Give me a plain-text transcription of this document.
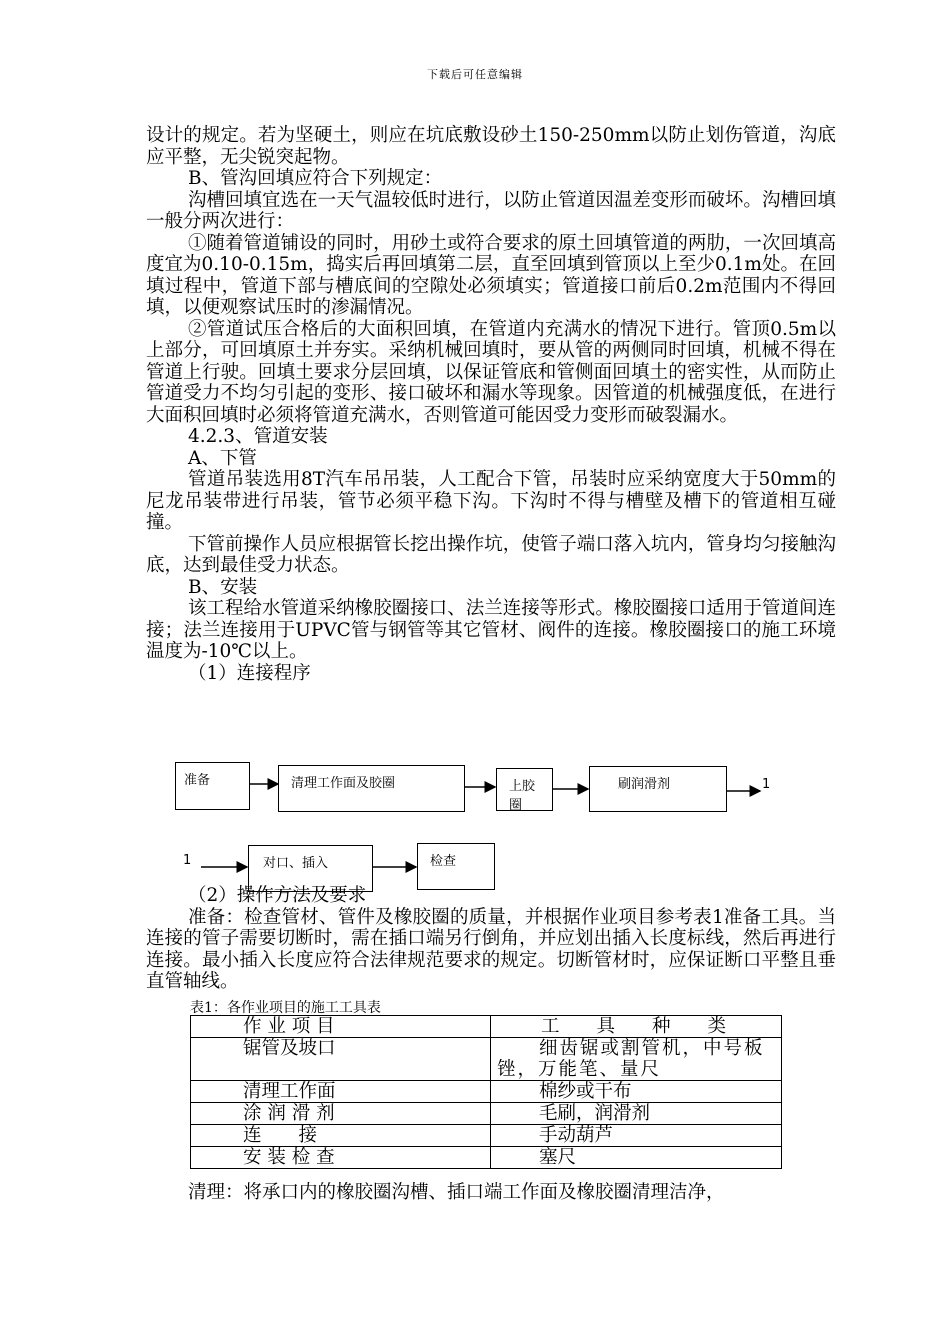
下载后可任意编辑

设计的规定。若为坚硬土，则应在坑底敷设砂土150-250mm以防止划伤管道，沟底应平整，无尖锐突起物。

B、管沟回填应符合下列规定：

沟槽回填宜选在一天气温较低时进行，以防止管道因温差变形而破坏。沟槽回填一般分两次进行：

①随着管道铺设的同时，用砂土或符合要求的原土回填管道的两肋，一次回填高度宜为0.10-0.15m，捣实后再回填第二层，直至回填到管顶以上至少0.1m处。在回填过程中，管道下部与槽底间的空隙处必须填实；管道接口前后0.2m范围内不得回填，以便观察试压时的渗漏情况。

②管道试压合格后的大面积回填，在管道内充满水的情况下进行。管顶0.5m以上部分，可回填原土并夯实。采纳机械回填时，要从管的两侧同时回填，机械不得在管道上行驶。回填土要求分层回填，以保证管底和管侧面回填土的密实性，从而防止管道受力不均匀引起的变形、接口破坏和漏水等现象。因管道的机械强度低，在进行大面积回填时必须将管道充满水，否则管道可能因受力变形而破裂漏水。

4.2.3、管道安装

A、下管

管道吊装选用8T汽车吊吊装，人工配合下管，吊装时应采纳宽度大于50mm的尼龙吊装带进行吊装，管节必须平稳下沟。下沟时不得与槽壁及槽下的管道相互碰撞。

下管前操作人员应根据管长挖出操作坑，使管子端口落入坑内，管身均匀接触沟底，达到最佳受力状态。

B、安装

该工程给水管道采纳橡胶圈接口、法兰连接等形式。橡胶圈接口适用于管道间连接；法兰连接用于UPVC管与钢管等其它管材、阀件的连接。橡胶圈接口的施工环境温度为-10℃以上。

（1）连接程序

准备	清理工作面及胶圈	上胶圈
刷润滑剂	1
1	对口、插入	检查

（2）操作方法及要求

准备：检查管材、管件及橡胶圈的质量，并根据作业项目参考表1准备工具。当连接的管子需要切断时，需在插口端另行倒角，并应划出插入长度标线，然后再进行连接。最小插入长度应符合法律规范要求的规定。切断管材时，应保证断口平整且垂直管轴线。

表1：各作业项目的施工工具表
作 业 项 目	工　　具　　种　　类
锯管及坡口	细齿锯或割管机，中号板锉，万能笔、量尺
清理工作面	棉纱或干布
涂 润 滑 剂	毛刷，润滑剂
连　　接	手动葫芦
安 装 检 查	塞尺
清理：将承口内的橡胶圈沟槽、插口端工作面及橡胶圈清理洁净，
